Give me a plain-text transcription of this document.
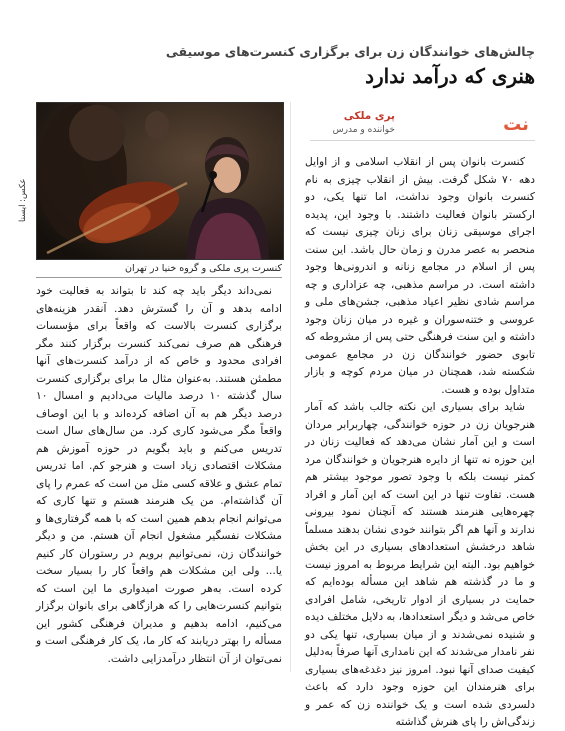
چالش‌های خوانندگان زن برای برگزاری کنسرت‌های موسیقی
هنری که درآمد ندارد
کنسرت پری ملکی و گروه خنیا در تهران
عکس: ایسنا
نت
پری ملکی
خواننده و مدرس

کنسرت بانوان پس از انقلاب اسلامی و از اوایل دهه ۷۰ شکل گرفت. بیش از انقلاب چیزی به نام کنسرت بانوان وجود نداشت، اما تنها یکی، دو ارکستر بانوان فعالیت داشتند. با وجود این، پدیده اجرای موسیقی زنان برای زنان چیزی نیست که منحصر به عصر مدرن و زمان حال باشد. این سنت پس از اسلام در مجامع زنانه و اندرونی‌ها وجود داشته است. در مراسم مذهبی، چه عزاداری و چه مراسم شادی نظیر اعیاد مذهبی، جشن‌های ملی و عروسی و ختنه‌سوران و غیره در میان زنان وجود داشته و این سنت فرهنگی حتی پس از مشروطه که تابوی حضور خوانندگان زن در مجامع عمومی شکسته شد، همچنان در میان مردم کوچه و بازار متداول بوده و هست.

شاید برای بسیاری این نکته جالب باشد که آمار هنرجویان زن در حوزه خوانندگی، چهاربرابر مردان است و این آمار نشان می‌دهد که فعالیت زنان در این حوزه نه تنها از دایره هنرجویان و خوانندگان مرد کمتر نیست بلکه با وجود تصور موجود بیشتر هم هست. تفاوت تنها در این است که این آمار و افراد چهره‌هایی هنرمند هستند که آنچنان نمود بیرونی ندارند و آنها هم اگر بتوانند خودی نشان بدهند مسلماً شاهد درخشش استعدادهای بسیاری در این بخش خواهیم بود. البته این شرایط مربوط به امروز نیست و ما در گذشته هم شاهد این مسأله بوده‌ایم که حمایت در بسیاری از ادوار تاریخی، شامل افرادی خاص می‌شد و دیگر استعدادها، به دلایل مختلف دیده و شنیده نمی‌شدند و از میان بسیاری، تنها یکی دو نفر نامدار می‌شدند که این نامداری آنها صرفاً به‌دلیل کیفیت صدای آنها نبود. امروز نیز دغدغه‌های بسیاری برای هنرمندان این حوزه وجود دارد که باعث دلسردی شده است و یک خواننده زن که عمر و زندگی‌اش را پای هنرش گذاشته

نمی‌داند دیگر باید چه کند تا بتواند به فعالیت خود ادامه بدهد و آن را گسترش دهد. آنقدر هزینه‌های برگزاری کنسرت بالاست که واقعاً برای مؤسسات فرهنگی هم صرف نمی‌کند کنسرت برگزار کنند مگر افرادی محدود و خاص که از درآمد کنسرت‌های آنها مطمئن هستند. به‌عنوان مثال ما برای برگزاری کنسرت سال گذشته ۱۰ درصد مالیات می‌دادیم و امسال ۱۰ درصد دیگر هم به آن اضافه کرده‌اند و با این اوصاف واقعاً مگر می‌شود کاری کرد. من سال‌های سال است تدریس می‌کنم و باید بگویم در حوزه آموزش هم مشکلات اقتصادی زیاد است و هنرجو کم. اما تدریس تمام عشق و علاقه کسی مثل من است که عمرم را پای آن گذاشته‌ام. من یک هنرمند هستم و تنها کاری که می‌توانم انجام بدهم همین است که با همه گرفتاری‌ها و مشکلات نفسگیر مشغول انجام آن هستم. من و دیگر خوانندگان زن، نمی‌توانیم برویم در رستوران کار کنیم یا... ولی این مشکلات هم واقعاً کار را بسیار سخت کرده است. به‌هر صورت امیدواری ما این است که بتوانیم کنسرت‌هایی را که هرازگاهی برای بانوان برگزار می‌کنیم، ادامه بدهیم و مدیران فرهنگی کشور این مسأله را بهتر دریابند که کار ما، یک کار فرهنگی است و نمی‌توان از آن انتظار درآمدزایی داشت.
